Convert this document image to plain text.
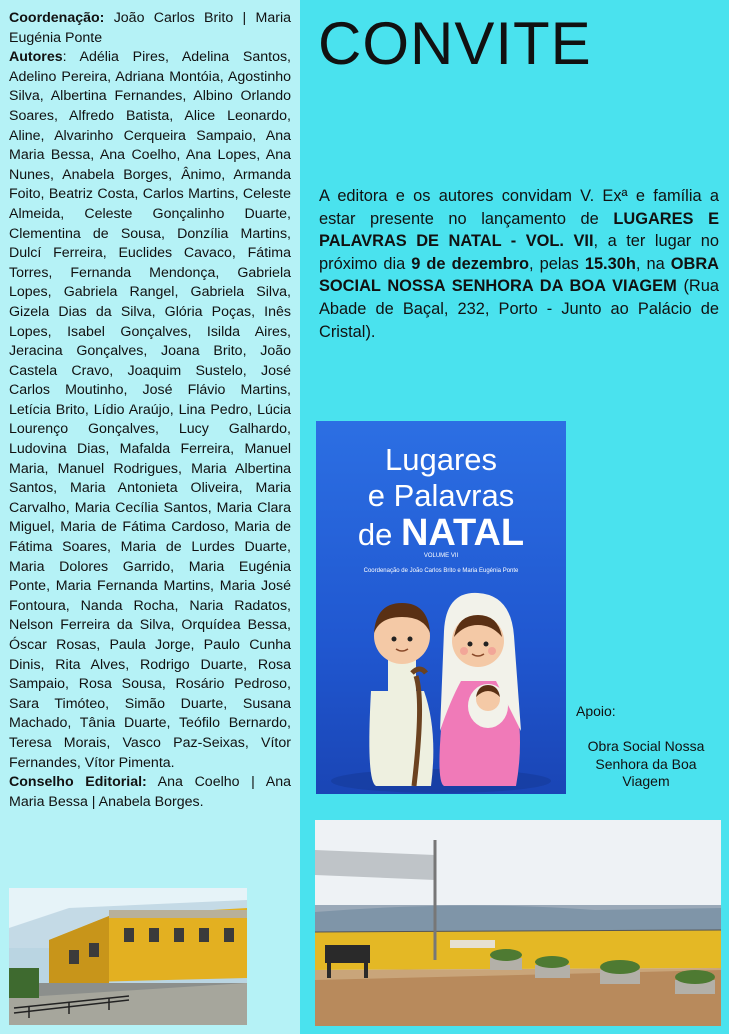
Coordenação: João Carlos Brito | Maria Eugénia Ponte
Autores: Adélia Pires, Adelina Santos, Adelino Pereira, Adriana Montóia, Agostinho Silva, Albertina Fernandes, Albino Orlando Soares, Alfredo Batista, Alice Leonardo, Aline, Alvarinho Cerqueira Sampaio, Ana Maria Bessa, Ana Coelho, Ana Lopes, Ana Nunes, Anabela Borges, Ânimo, Armanda Foito, Beatriz Costa, Carlos Martins, Celeste Almeida, Celeste Gonçalinho Duarte, Clementina de Sousa, Donzília Martins, Dulcí Ferreira, Euclides Cavaco, Fátima Torres, Fernanda Mendonça, Gabriela Lopes, Gabriela Rangel, Gabriela Silva, Gizela Dias da Silva, Glória Poças, Inês Lopes, Isabel Gonçalves, Isilda Aires, Jeracina Gonçalves, Joana Brito, João Castela Cravo, Joaquim Sustelo, José Carlos Moutinho, José Flávio Martins, Letícia Brito, Lídio Araújo, Lina Pedro, Lúcia Lourenço Gonçalves, Lucy Galhardo, Ludovina Dias, Mafalda Ferreira, Manuel Maria, Manuel Rodrigues, Maria Albertina Santos, Maria Antonieta Oliveira, Maria Carvalho, Maria Cecília Santos, Maria Clara Miguel, Maria de Fátima Cardoso, Maria de Fátima Soares, Maria de Lurdes Duarte, Maria Dolores Garrido, Maria Eugénia Ponte, Maria Fernanda Martins, Maria José Fontoura, Nanda Rocha, Naria Radatos, Nelson Ferreira da Silva, Orquídea Bessa, Óscar Rosas, Paula Jorge, Paulo Cunha Dinis, Rita Alves, Rodrigo Duarte, Rosa Sampaio, Rosa Sousa, Rosário Pedroso, Sara Timóteo, Simão Duarte, Susana Machado, Tânia Duarte, Teófilo Bernardo, Teresa Morais, Vasco Paz-Seixas, Vítor Fernandes, Vítor Pimenta.
Conselho Editorial: Ana Coelho | Ana Maria Bessa | Anabela Borges.
CONVITE
A editora e os autores convidam V. Exª e família a estar presente no lançamento de LUGARES E PALAVRAS DE NATAL - VOL. VII, a ter lugar no próximo dia 9 de dezembro, pelas 15.30h, na OBRA SOCIAL NOSSA SENHORA DA BOA VIAGEM (Rua Abade de Baçal, 232, Porto - Junto ao Palácio de Cristal).
Lugares
e Palavras
de NATAL
VOLUME VII
Coordenação de João Carlos Brito e Maria Eugénia Ponte
Apoio:
Obra Social Nossa Senhora da Boa Viagem
